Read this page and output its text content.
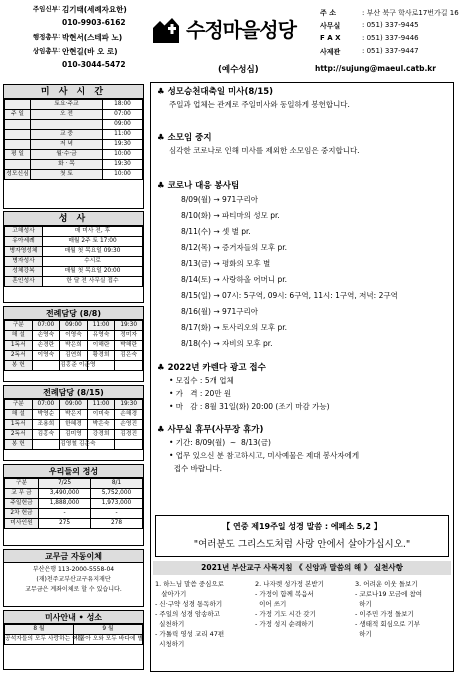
주임신부 : 김기태(세례자요한)
010-9903-6162
행정총무 : 박현서(스테파 노)
상임총무 : 안현길(바 오 로)
010-3044-5472
수정마을성당
(예수성심)
주 소	: 부산 북구 학사로17번가길 16
사무실	: 051) 337-9445
F A X	: 051) 337-9446
사제관	: 051) 337-9447
http://sujung@maeul.catb.kr
미 사 시 간
	토요·주교	18:00
주 일	오 전	07:00
		09:00
	교 중	11:00
	저 녁	19:30
평 일	월·수·금	10:00
	화 · 목	19:30
성모신심	첫 토	10:00
성 사
고해성사	매 미사 전, 후
유아세례	매월 2주 토 17:00
병자영성체	매월 첫 목요일 09:30
병자성사	수시로
성체강복	매월 첫 목요일 20:00
혼인성사	한 달 전 사무실 접수
전례담당 (8/8)
구분	07:00	09:00	11:00	19:30
해 설	손영숙	이영숙	유영숙	정미자
1독서	손경란	박은희	이해란	박해란
2독서	이영숙	김연희	황경희	김은숙
봉 헌		김홍준 이준영		
전례담당 (8/15)
구분	07:00	09:00	11:00	19:30
해 설	박영순	박은지	이미숙	손해경
1독서	조용희	한혜경	박은숙	손영진
2독서	김홍숙	김미영	강경희	김경진
봉 헌		김영철 김은숙		
우리들의 정성
구분	7/25	8/1
교 무 금	3,490,000	5,752,000
주일헌금	1,888,000	1,973,000
2차 헌금	-	-
미사인원	275	278
교무금 자동이체
부산은행 113-2000-5558-04
(재)천주교부산교구유지재단
교무금은 계좌이체로 할 수 있습니다.
미사안내 • 성소
8 월	9 월
공석자들의 모두 사랑하는 이들	시골아 오와 모두 바다에 별
♣ 성모승천대축일 미사(8/15)
주일과 업체는 관계로 주일미사와 동일하게 봉헌합니다.
♣ 소모임 중지
심각한 코로나로 인해 미사를 제외한 소모임은 중지합니다.
♣ 코로나 대응 봉사팀
8/09(월) → 971구리아
8/10(화) → 파티마의 성모 pr.
8/11(수) → 셋 별 pr.
8/12(목) → 증거자들의 모후 pr.
8/13(금) → 평화의 모후 별
8/14(토) → 사랑하올 어머니 pr.
8/15(일) → 07시: 5구역, 09시: 6구역, 11시: 1구역, 저녁: 2구역
8/16(월) → 971구리아
8/17(화) → 토사리오의 모후 pr.
8/18(수) → 자비의 모후 pr.
♣ 2022년 카렌다 광고 접수
• 모집수 : 5개 업체
• 가   격 : 20만 원
• 마   감 : 8월 31일(화) 20:00 (조기 마감 가능)
♣ 사무실 휴무(사무장 휴가)
• 기간: 8/09(월)  ~  8/13(금)
• 업무 있으신 분 참고하시고, 미사예물은 제대 봉사자에게
접수 바랍니다.
【 연중 제19주일 성경 말씀 : 에페소 5,2 】
"여러분도 그리스도처럼 사랑 안에서 살아가십시오."
2021년 부산교구 사목지침 《 신앙과 말씀의 해 》 실천사항
1. 하느님 말씀 중심으로
살아가기
- 신·구약 성경 통독하기
- 주일의 성경 암송하고
실천하기
- 가톨릭 영성 교리 47편
시청하기
2. 나자렛 성가정 본받기
- 가정이 함께 복음서
이어 쓰기
- 가정 기도 시간 갖기
- 가정 성지 순례하기
3. 어려운 이웃 돌보기
- 코로나19 모금에 참여
하기
- 이주민 가정 돌보기
- 생태적 회심으로 기부
하기
